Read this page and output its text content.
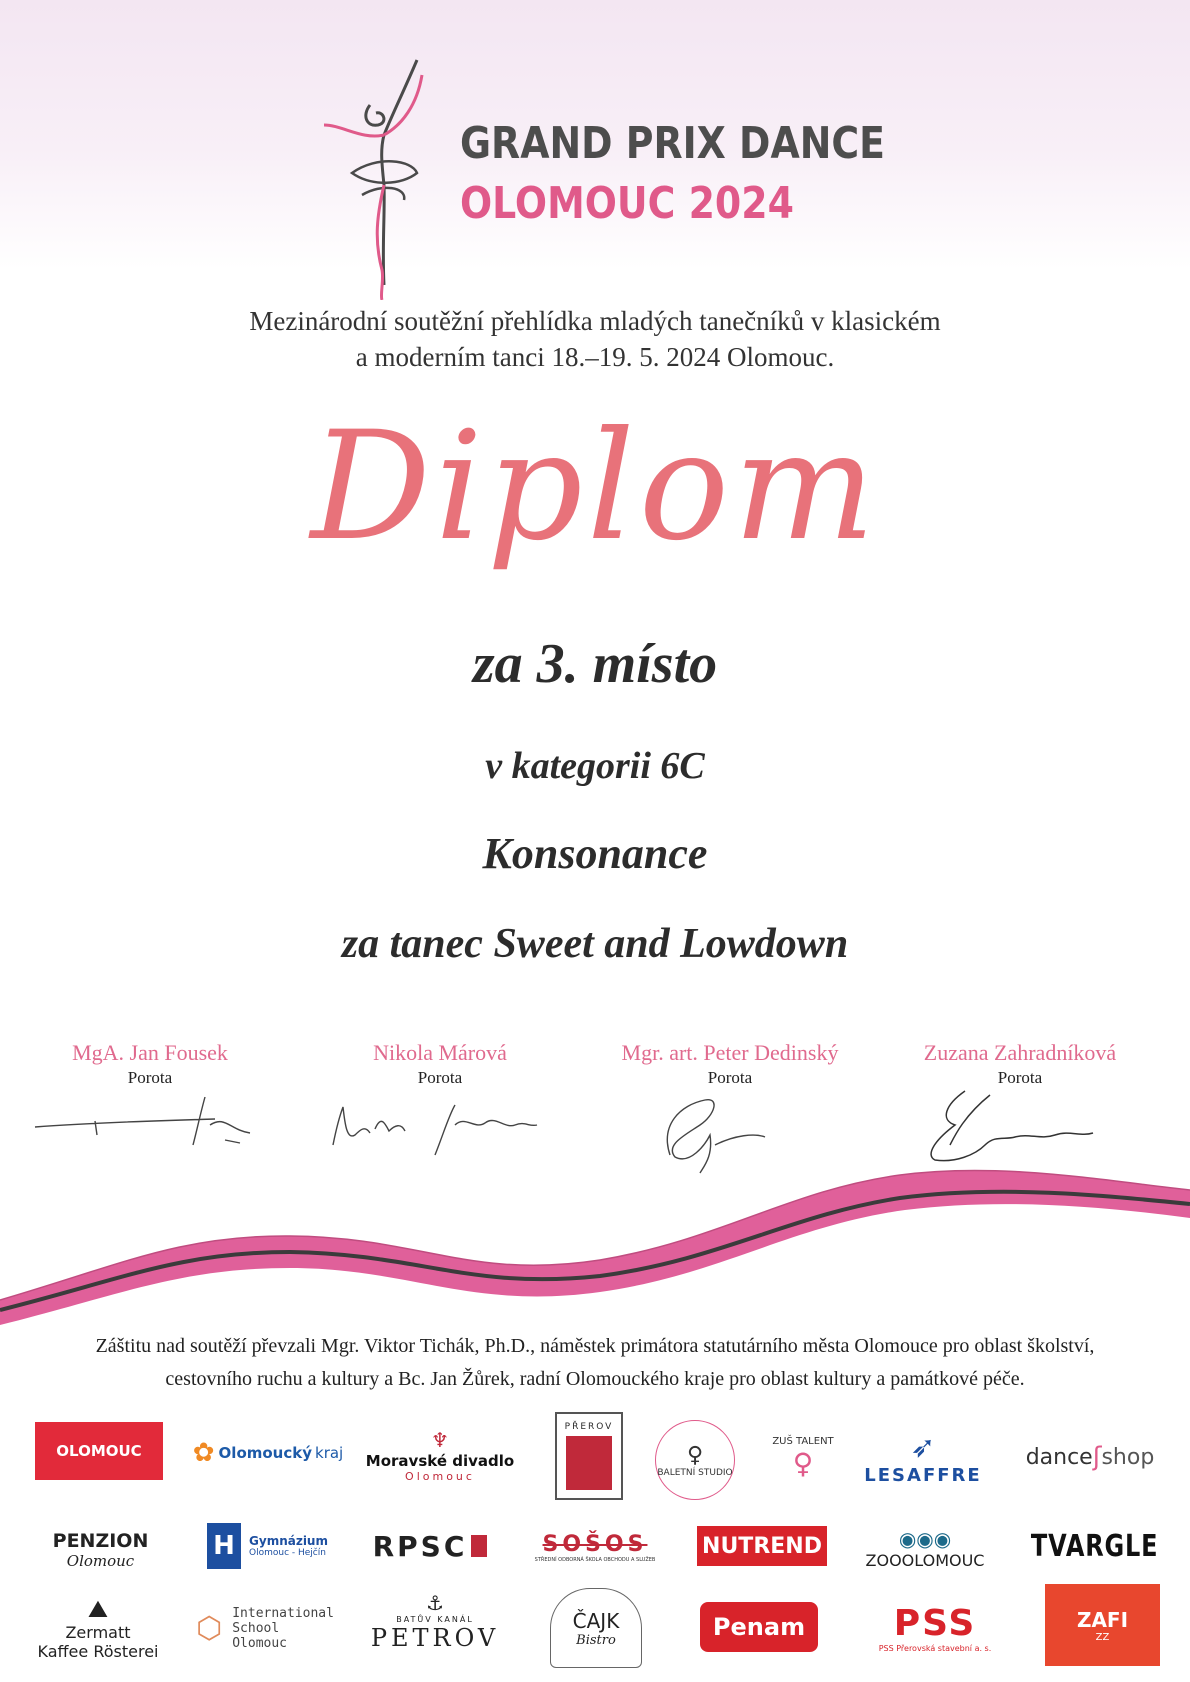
GRAND PRIX DANCE
OLOMOUC 2024
Mezinárodní soutěžní přehlídka mladých tanečníků v klasickém
a moderním tanci 18.–19. 5. 2024 Olomouc.
Diplom
za 3. místo
v kategorii 6C
Konsonance
za tanec Sweet and Lowdown
MgA. Jan Fousek
Porota
Nikola Márová
Porota
Mgr. art. Peter Dedinský
Porota
Zuzana Zahradníková
Porota
Záštitu nad soutěží převzali Mgr. Viktor Tichák, Ph.D., náměstek primátora statutárního města Olomouce pro oblast školství,
cestovního ruchu a kultury a Bc. Jan Žůrek, radní Olomouckého kraje pro oblast kultury a památkové péče.
OLOMOUC ✿ Olomoucký kraj
♆
Moravské divadlo
Olomouc
PŘEROV
♀
BALETNÍ STUDIO
ZUŠ TALENT
♀	➶
LESAFFRE
dance ʃ shop
PENZION
Olomouc	H	Gymnázium
Olomouc - Hejčín RPSC	SOŠOS
STŘEDNÍ ODBORNÁ ŠKOLA OBCHODU A SLUŽEB
NUTREND	◉◉◉
ZOOOLOMOUC TVARGLE
⛰
Zermatt
Kaffee Rösterei
⬡ International
School
Olomouc
⚓
BATŮV KANÁL
PETROV
ČAJK
Bistro	Penam PSS
PSS Přerovská stavební a. s.
ZAFI
ZZ
